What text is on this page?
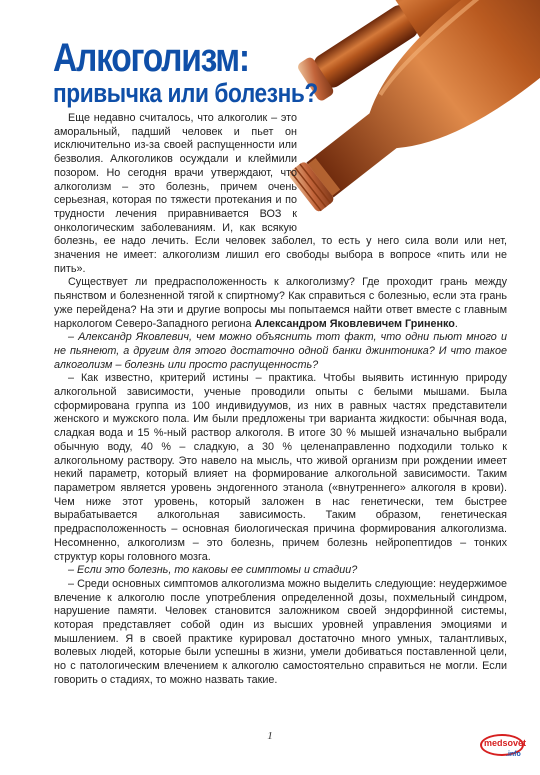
Алкоголизм:
привычка или болезнь?

Еще недавно считалось, что алкоголик – это аморальный, падший человек и пьет он исключительно из-за своей распущенности или безволия. Алкоголиков осуждали и клеймили позором. Но сегодня врачи утверждают, что алкоголизм – это болезнь, причем очень серьезная, которая по тяжести протекания и по трудности лечения приравнивается ВОЗ к онкологическим заболеваниям. И, как всякую болезнь, ее надо лечить. Если человек заболел, то есть у него сила воли или нет, значения не имеет: алкоголизм лишил его свободы выбора в вопросе «пить или не пить».

Существует ли предрасположенность к алкоголизму? Где проходит грань между пьянством и болезненной тягой к спиртному? Как справиться с болезнью, если эта грань уже перейдена? На эти и другие вопросы мы попытаемся найти ответ вместе с главным наркологом Северо-Западного региона Александром Яковлевичем Гриненко.

– Александр Яковлевич, чем можно объяснить тот факт, что одни пьют много и не пьянеют, а другим для этого достаточно одной банки джинтоника? И что такое алкоголизм – болезнь или просто распущенность?

– Как известно, критерий истины – практика. Чтобы выявить истинную природу алкогольной зависимости, ученые проводили опыты с белыми мышами. Была сформирована группа из 100 индивидуумов, из них в равных частях представители женского и мужского пола. Им были предложены три варианта жидкости: обычная вода, сладкая вода и 15 %-ный раствор алкоголя. В итоге 30 % мышей изначально выбрали обычную воду, 40 % – сладкую, а 30 % целенаправленно подходили только к алкогольному раствору. Это навело на мысль, что живой организм при рождении имеет некий параметр, который влияет на формирование алкогольной зависимости. Таким параметром является уровень эндогенного этанола («внутреннего» алкоголя в крови). Чем ниже этот уровень, который заложен в нас генетически, тем быстрее вырабатывается алкогольная зависимость. Таким образом, генетическая предрасположенность – основная биологическая причина формирования алкоголизма. Несомненно, алкоголизм – это болезнь, причем болезнь нейропептидов – тонких структур коры головного мозга.

– Если это болезнь, то каковы ее симптомы и стадии?

– Среди основных симптомов алкоголизма можно выделить следующие: неудержимое влечение к алкоголю после употребления определенной дозы, похмельный синдром, нарушение памяти. Человек становится заложником своей эндорфинной системы, которая представляет собой один из высших уровней управления эмоциями и мышлением. Я в своей практике курировал достаточно много умных, талантливых, волевых людей, которые были успешны в жизни, умели добиваться поставленной цели, но с патологическим влечением к алкоголю самостоятельно справиться не могли. Если говорить о стадиях, то можно назвать такие.

1
medsovet
.info
